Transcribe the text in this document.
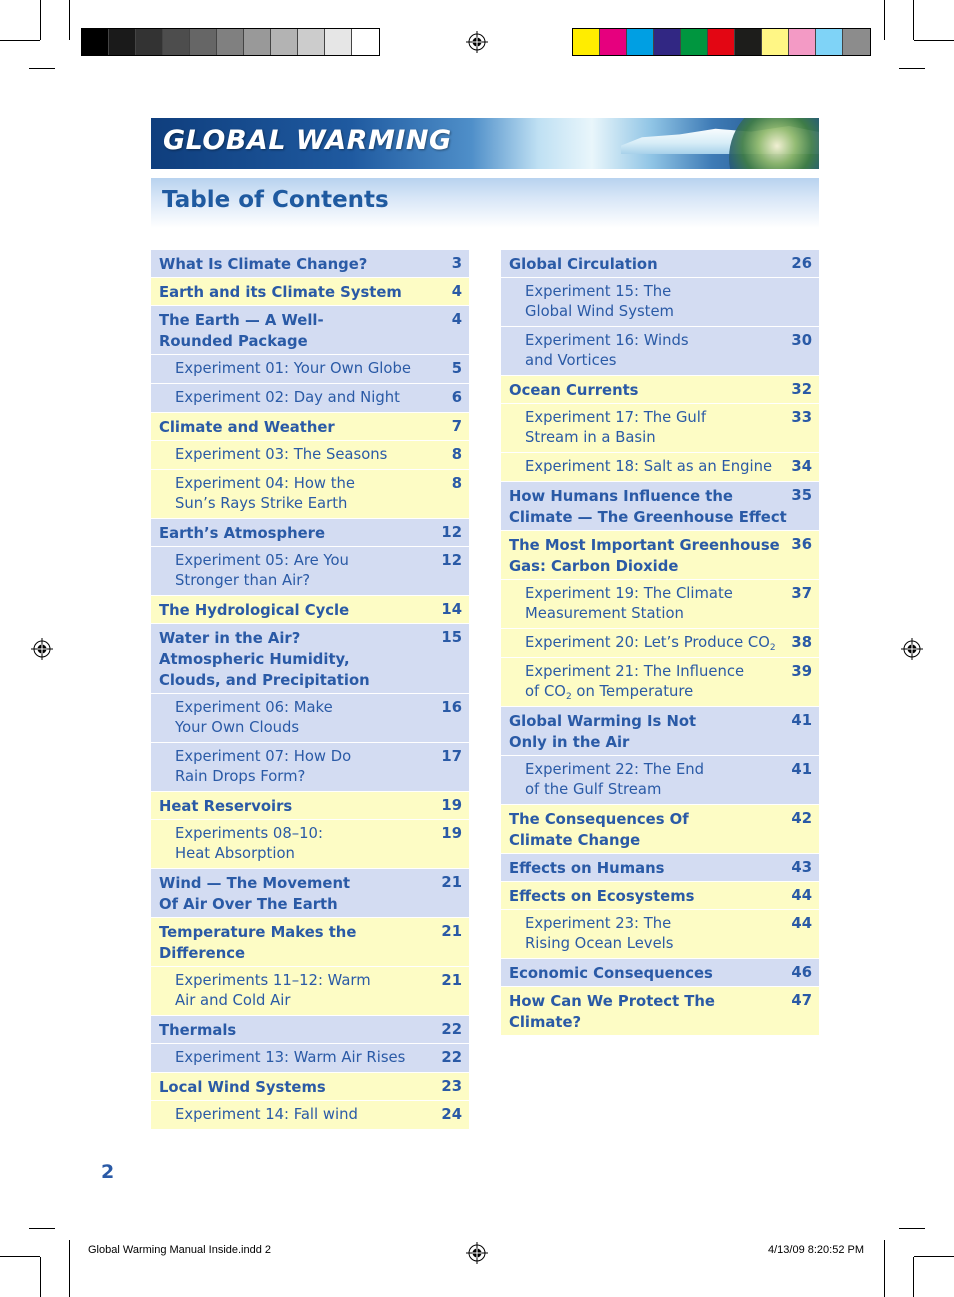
GLOBAL WARMING
Table of Contents
What Is Climate Change?	3
Earth and its Climate System	4
The Earth — A Well-
Rounded Package
4
Experiment 01: Your Own Globe	5
Experiment 02: Day and Night	6
Climate and Weather	7
Experiment 03: The Seasons	8
Experiment 04: How the
Sun’s Rays Strike Earth
8
Earth’s Atmosphere	12
Experiment 05: Are You
Stronger than Air?
12
The Hydrological Cycle	14
Water in the Air?
Atmospheric Humidity,
Clouds, and Precipitation
15
Experiment 06: Make
Your Own Clouds
16
Experiment 07: How Do
Rain Drops Form?
17
Heat Reservoirs	19
Experiments 08–10:
Heat Absorption
19
Wind — The Movement
Of Air Over The Earth
21
Temperature Makes the Difference
21
Experiments 11–12: Warm
Air and Cold Air
21
Thermals	22
Experiment 13: Warm Air Rises 22
Local Wind Systems	23
Experiment 14: Fall wind	24
Global Circulation	26
Experiment 15: The
Global Wind System
Experiment 16: Winds
and Vortices
30
Ocean Currents	32
Experiment 17: The Gulf
Stream in a Basin
33
Experiment 18: Salt as an Engine 34
How Humans Influence the
Climate — The Greenhouse Effect
35
The Most Important Greenhouse
Gas: Carbon Dioxide
36
Experiment 19: The Climate
Measurement Station
37
Experiment 20: Let’s Produce $CO_2$ 38
Experiment 21: The Influence
of $CO_2$ on Temperature
39
Global Warming Is Not
Only in the Air
41
Experiment 22: The End
of the Gulf Stream
41
The Consequences Of
Climate Change
42
Effects on Humans	43
Effects on Ecosystems	44
Experiment 23: The
Rising Ocean Levels
44
Economic Consequences	46
How Can We Protect The Climate?
47
2
Global Warming Manual Inside.indd 2	4/13/09 8:20:52 PM
